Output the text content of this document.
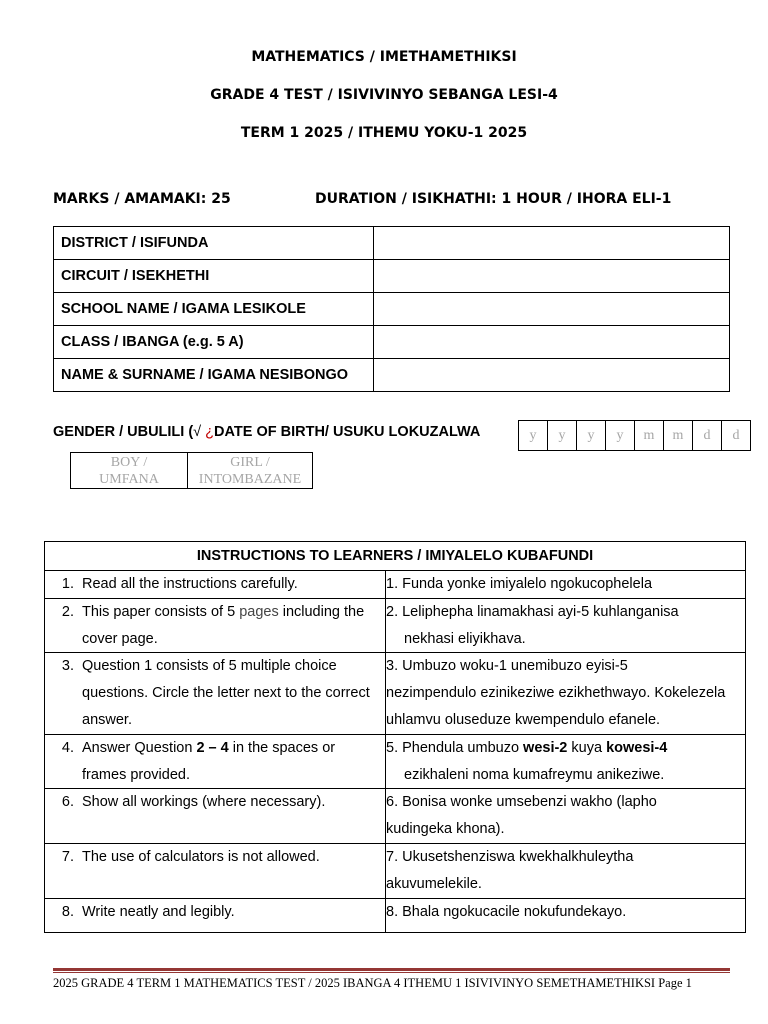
MATHEMATICS / IMETHAMETHIKSI
GRADE 4 TEST / ISIVIVINYO SEBANGA LESI-4
TERM 1 2025 / ITHEMU YOKU-1 2025
MARKS / AMAMAKI: 25	DURATION / ISIKHATHI: 1 HOUR / IHORA ELI-1
DISTRICT / ISIFUNDA	
CIRCUIT / ISEKHETHI	
SCHOOL NAME / IGAMA LESIKOLE	
CLASS / IBANGA (e.g. 5 A)	
NAME & SURNAME / IGAMA NESIBONGO	
GENDER / UBULILI (√ ¿DATE OF BIRTH/ USUKU LOKUZALWA	y	y	y	y	m	m	d	d
BOY /
UMFANA

GIRL /
INTOMBAZANE
INSTRUCTIONS TO LEARNERS / IMIYALELO KUBAFUNDI	

1. Read all the instructions carefully.	1. Funda yonke imiyalelo ngokucophelela

2. This paper consists of 5 pages including the
cover page.	2. Leliphepha linamakhasi ayi-5 kuhlanganisa
nekhasi eliyikhava.

3. Question 1 consists of 5 multiple choice
questions. Circle the letter next to the correct
answer.	3. Umbuzo woku-1 unemibuzo eyisi-5
nezimpendulo ezinikeziwe ezikhethwayo. Kokelezela
uhlamvu oluseduze kwempendulo efanele.

4. Answer Question 2 – 4 in the spaces or
frames provided.	5. Phendula umbuzo wesi-2 kuya kowesi-4
ezikhaleni noma kumafreymu anikeziwe.

6. Show all workings (where necessary).	6. Bonisa wonke umsebenzi wakho (lapho
kudingeka khona).

7. The use of calculators is not allowed.	7. Ukusetshenziswa kwekhalkhuleytha
akuvumelekile.

8. Write neatly and legibly.	8. Bhala ngokucacile nokufundekayo.
2025 GRADE 4 TERM 1 MATHEMATICS TEST / 2025 IBANGA 4 ITHEMU 1 ISIVIVINYO SEMETHAMETHIKSI Page 1
